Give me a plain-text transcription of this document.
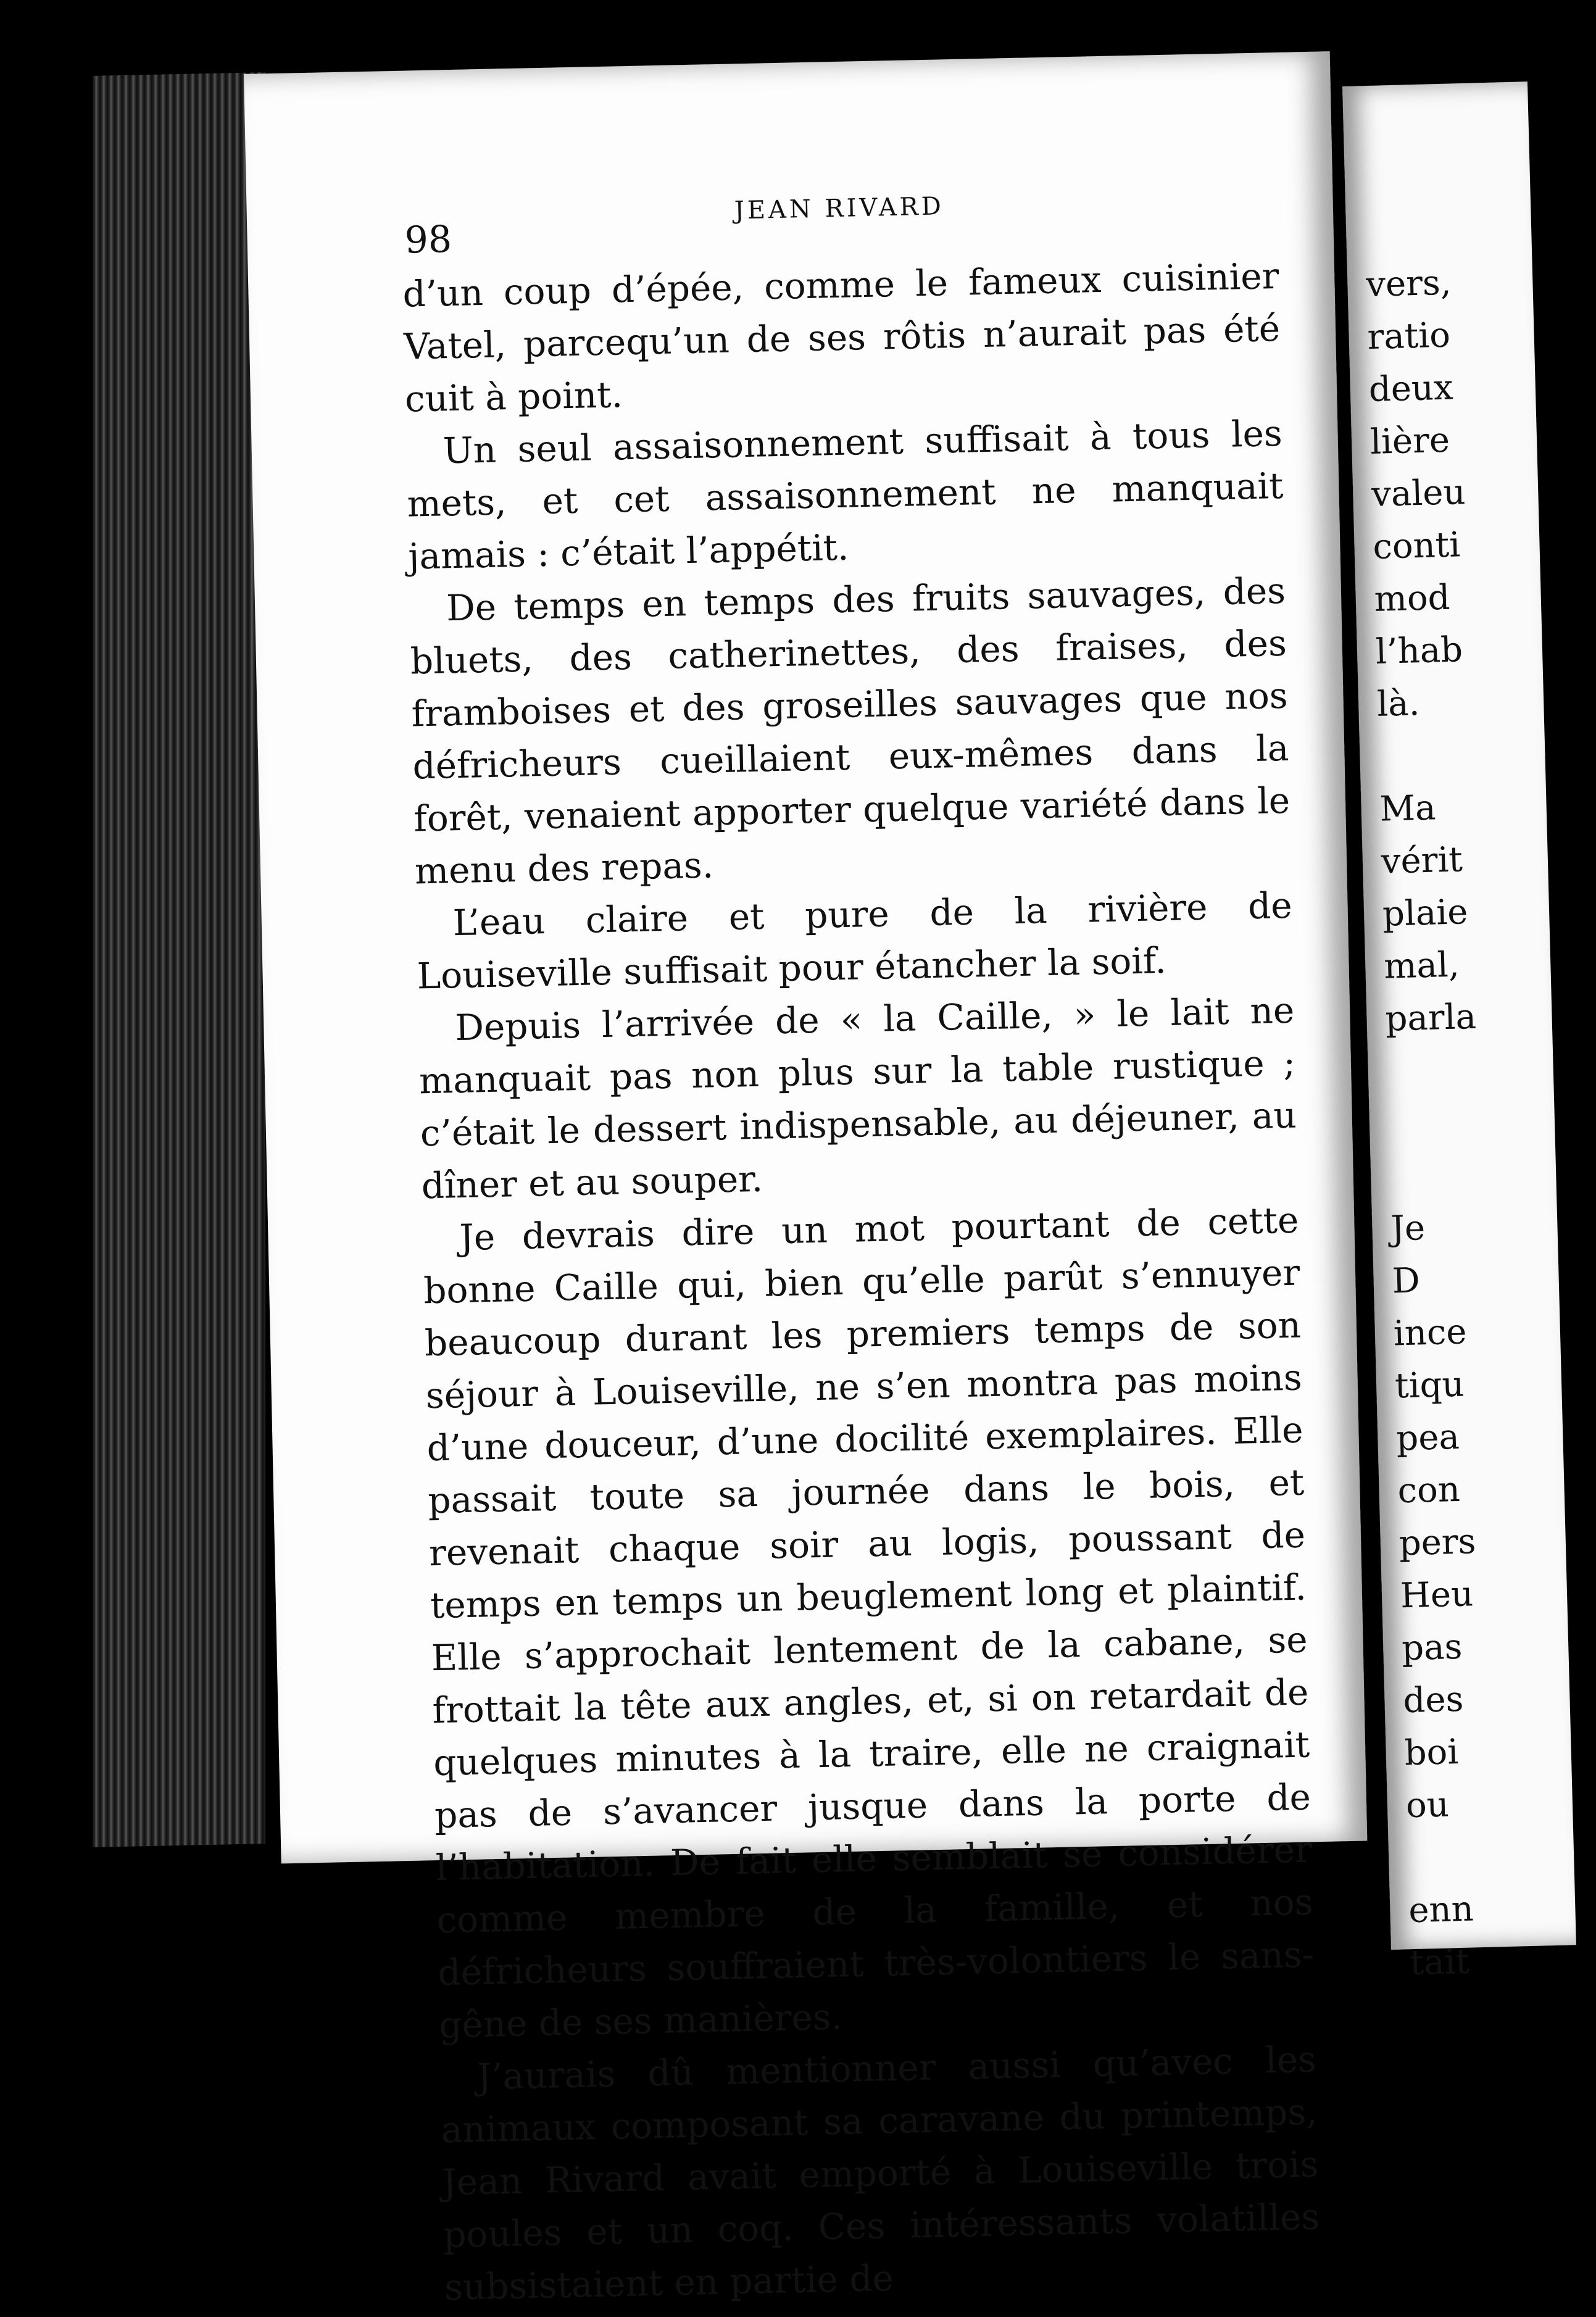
98
JEAN RIVARD

d’un coup d’épée, comme le fameux cuisinier Vatel, parcequ’un de ses rôtis n’aurait pas été cuit à point.

Un seul assaisonnement suffisait à tous les mets, et cet assaisonnement ne manquait jamais : c’était l’appétit.

De temps en temps des fruits sauvages, des bluets, des catherinettes, des fraises, des framboises et des groseilles sauvages que nos défricheurs cueillaient eux-mêmes dans la forêt, venaient apporter quelque variété dans le menu des repas.

L’eau claire et pure de la rivière de Louiseville suffisait pour étancher la soif.

Depuis l’arrivée de « la Caille, » le lait ne manquait pas non plus sur la table rustique ; c’était le dessert indispensable, au déjeuner, au dîner et au souper.

Je devrais dire un mot pourtant de cette bonne Caille qui, bien qu’elle parût s’ennuyer beaucoup durant les premiers temps de son séjour à Louiseville, ne s’en montra pas moins d’une douceur, d’une docilité exemplaires. Elle passait toute sa journée dans le bois, et revenait chaque soir au logis, poussant de temps en temps un beuglement long et plaintif. Elle s’approchait lentement de la cabane, se frottait la tête aux angles, et, si on retardait de quelques minutes à la traire, elle ne craignait pas de s’avancer jusque dans la porte de l’habitation. De fait elle semblait se considérer comme membre de la famille, et nos défricheurs souffraient très-volontiers le sans-gêne de ses manières.

J’aurais dû mentionner aussi qu’avec les animaux composant sa caravane du printemps, Jean Rivard avait emporté à Louiseville trois poules et un coq. Ces intéressants volatilles subsistaient en partie de

vers,
ratio
deux
lière
valeu
conti
mod
l’hab
là.
Ma
vérit
plaie
mal,
parla
Je
D
ince
tiqu
pea
con
pers
Heu
pas
des
boi
ou
enn
tait
